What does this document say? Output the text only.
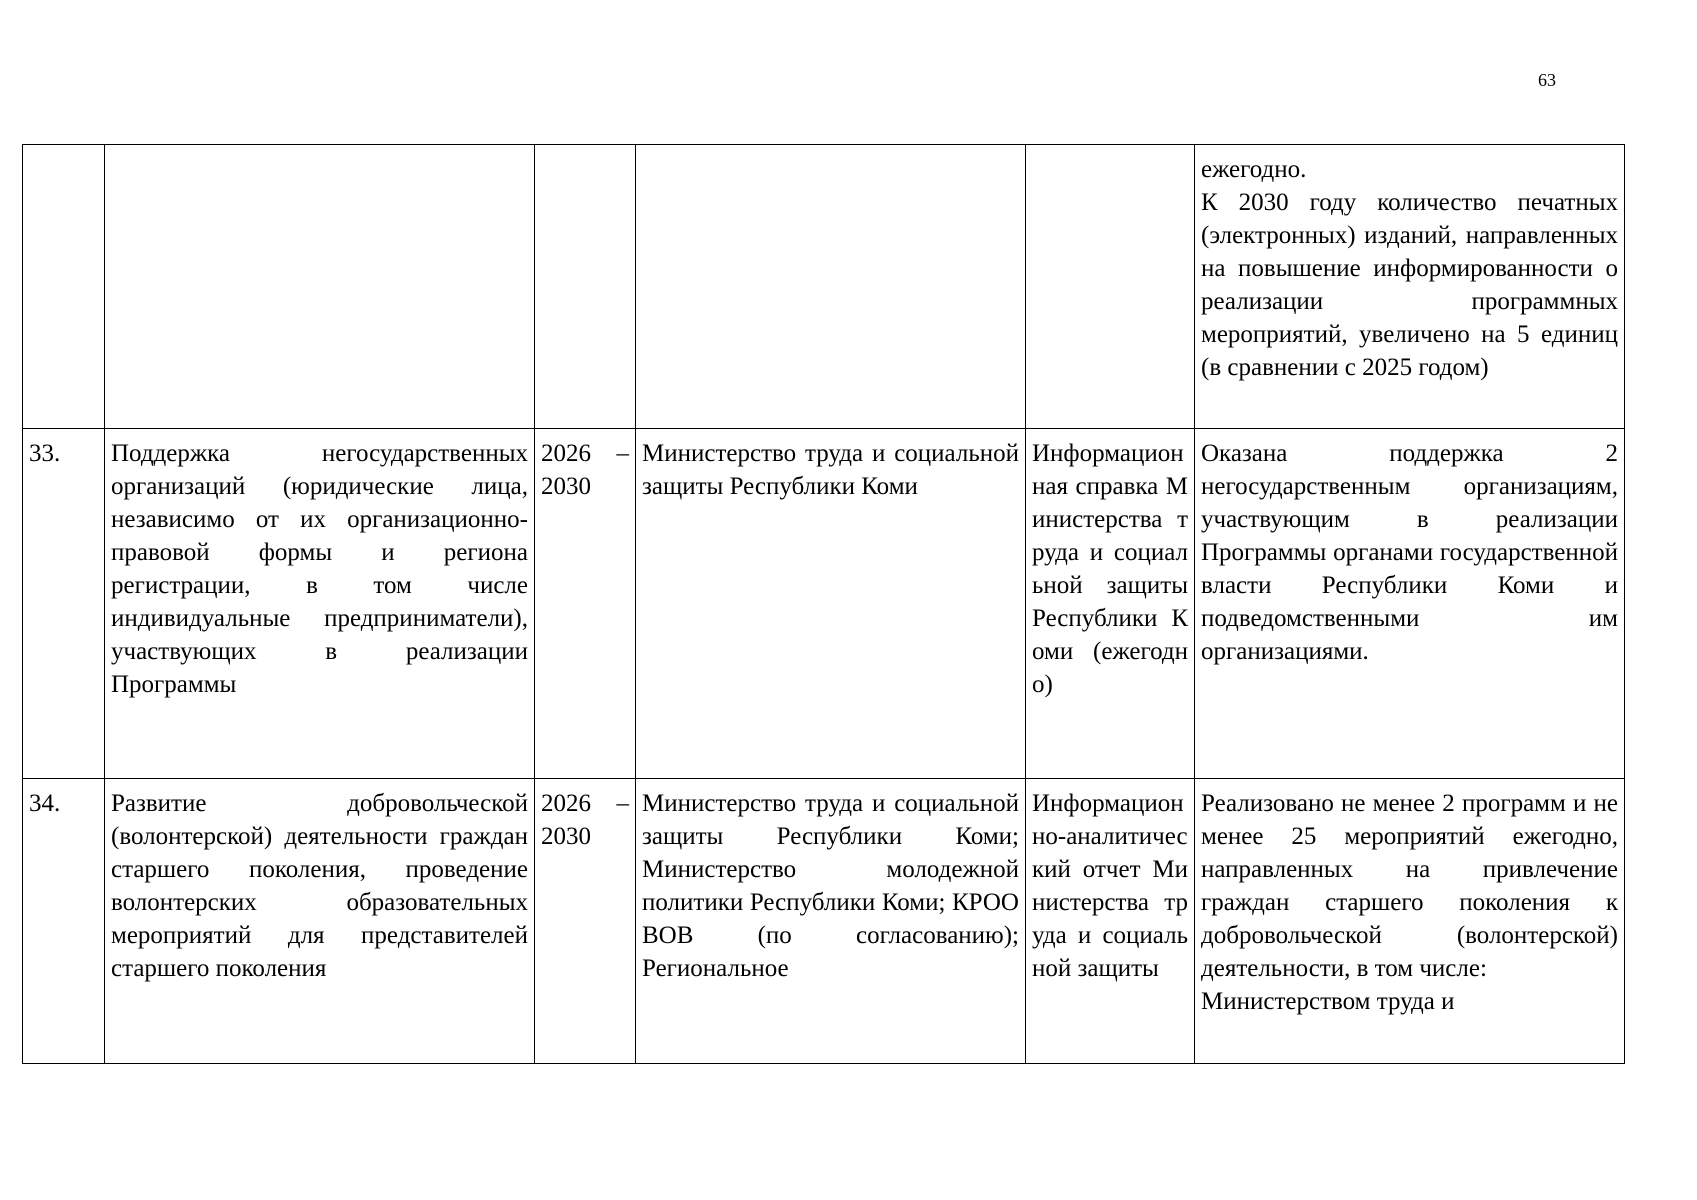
63

					ежегодно.
К 2030 году количество печатных (электронных) изданий, направленных на повышение информированности о реализации программных мероприятий, увеличено на 5 единиц (в сравнении с 2025 годом)

33.	Поддержка негосударственных организаций (юридические лица, независимо от их организационно-правовой формы и региона регистрации, в том числе индивидуальные предприниматели), участвующих в реализации Программы	2026 – 2030	Министерство труда и социальной защиты Республики Коми	Информационная справка Министерства труда и социальной защиты Республики Коми (ежегодно)	Оказана поддержка 2 негосударственным организациям, участвующим в реализации Программы органами государственной власти Республики Коми и подведомственными им организациями.

34.	Развитие добровольческой (волонтерской) деятельности граждан старшего поколения, проведение волонтерских образовательных мероприятий для представителей старшего поколения	2026 – 2030	Министерство труда и социальной защиты Республики Коми; Министерство молодежной политики Республики Коми; КРОО ВОВ (по согласованию); Региональное	Информационно-аналитический отчет Министерства труда и социальной защиты	Реализовано не менее 2 программ и не менее 25 мероприятий ежегодно, направленных на привлечение граждан старшего поколения к добровольческой (волонтерской) деятельности, в том числе:
Министерством труда и
